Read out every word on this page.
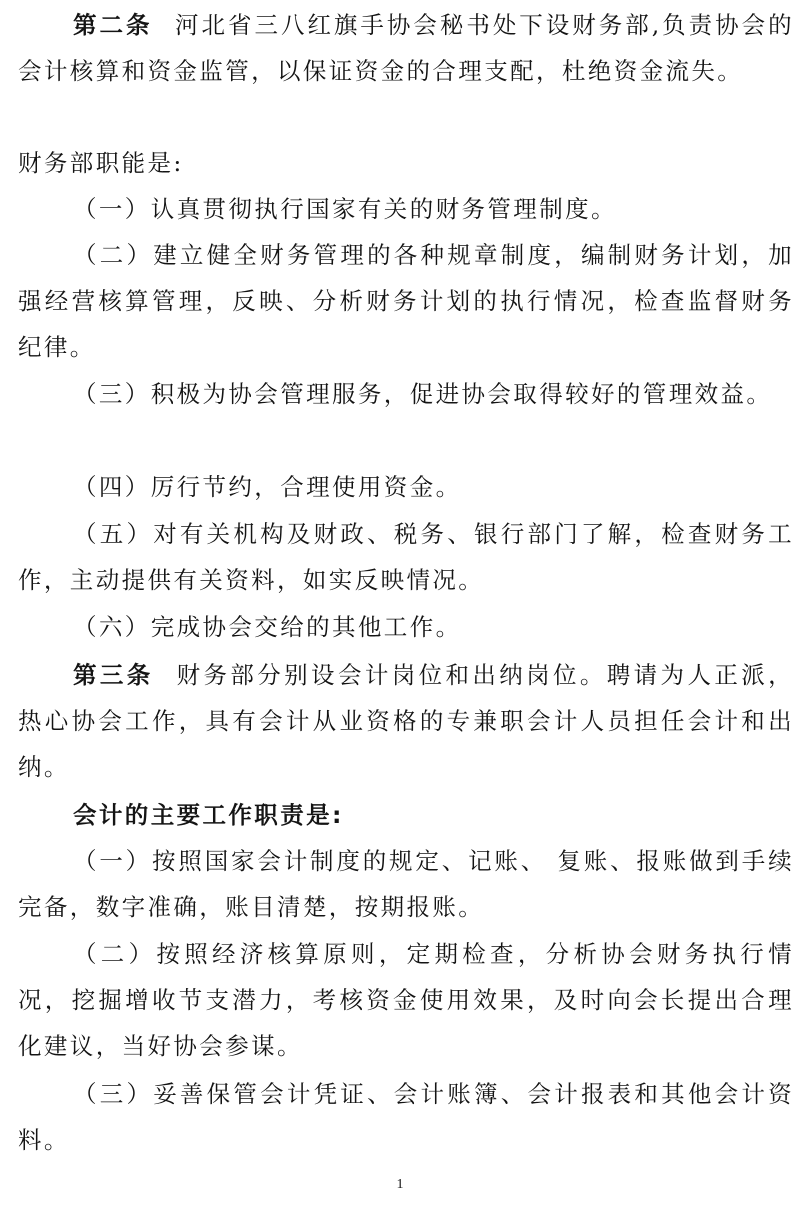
第二条 河北省三八红旗手协会秘书处下设财务部,负责协会的会计核算和资金监管，以保证资金的合理支配，杜绝资金流失。

财务部职能是:

（一）认真贯彻执行国家有关的财务管理制度。

（二）建立健全财务管理的各种规章制度，编制财务计划，加强经营核算管理，反映、分析财务计划的执行情况，检查监督财务纪律。

（三）积极为协会管理服务，促进协会取得较好的管理效益。

（四）厉行节约，合理使用资金。

（五）对有关机构及财政、税务、银行部门了解，检查财务工作，主动提供有关资料，如实反映情况。

（六）完成协会交给的其他工作。

第三条 财务部分别设会计岗位和出纳岗位。聘请为人正派，热心协会工作，具有会计从业资格的专兼职会计人员担任会计和出纳。

会计的主要工作职责是:

（一）按照国家会计制度的规定、记账、 复账、报账做到手续完备，数字准确，账目清楚，按期报账。

（二）按照经济核算原则，定期检查，分析协会财务执行情况，挖掘增收节支潜力，考核资金使用效果，及时向会长提出合理化建议，当好协会参谋。

（三）妥善保管会计凭证、会计账簿、会计报表和其他会计资料。

1
